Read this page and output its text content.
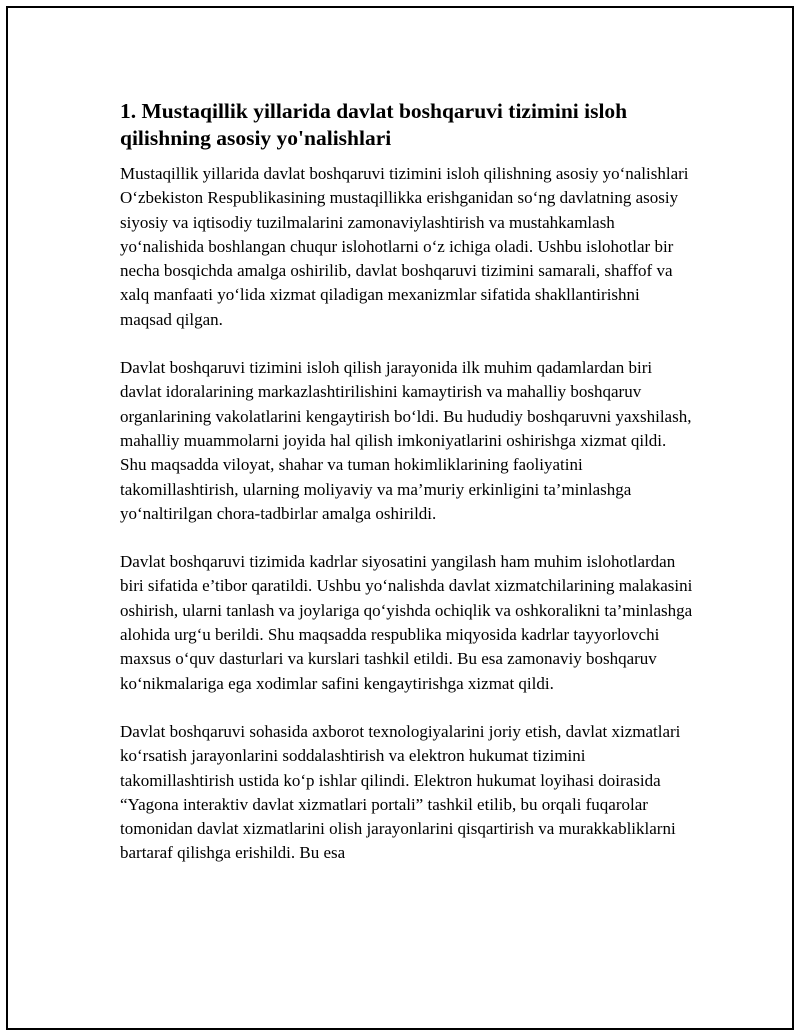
1. Mustaqillik yillarida davlat boshqaruvi tizimini isloh qilishning asosiy yo'nalishlari

Mustaqillik yillarida davlat boshqaruvi tizimini isloh qilishning asosiy yo‘nalishlari O‘zbekiston Respublikasining mustaqillikka erishganidan so‘ng davlatning asosiy siyosiy va iqtisodiy tuzilmalarini zamonaviylashtirish va mustahkamlash yo‘nalishida boshlangan chuqur islohotlarni o‘z ichiga oladi. Ushbu islohotlar bir necha bosqichda amalga oshirilib, davlat boshqaruvi tizimini samarali, shaffof va xalq manfaati yo‘lida xizmat qiladigan mexanizmlar sifatida shakllantirishni maqsad qilgan.

Davlat boshqaruvi tizimini isloh qilish jarayonida ilk muhim qadamlardan biri davlat idoralarining markazlashtirilishini kamaytirish va mahalliy boshqaruv organlarining vakolatlarini kengaytirish bo‘ldi. Bu hududiy boshqaruvni yaxshilash, mahalliy muammolarni joyida hal qilish imkoniyatlarini oshirishga xizmat qildi. Shu maqsadda viloyat, shahar va tuman hokimliklarining faoliyatini takomillashtirish, ularning moliyaviy va ma’muriy erkinligini ta’minlashga yo‘naltirilgan chora-tadbirlar amalga oshirildi.

Davlat boshqaruvi tizimida kadrlar siyosatini yangilash ham muhim islohotlardan biri sifatida e’tibor qaratildi. Ushbu yo‘nalishda davlat xizmatchilarining malakasini oshirish, ularni tanlash va joylariga qo‘yishda ochiqlik va oshkoralikni ta’minlashga alohida urg‘u berildi. Shu maqsadda respublika miqyosida kadrlar tayyorlovchi maxsus o‘quv dasturlari va kurslari tashkil etildi. Bu esa zamonaviy boshqaruv ko‘nikmalariga ega xodimlar safini kengaytirishga xizmat qildi.

Davlat boshqaruvi sohasida axborot texnologiyalarini joriy etish, davlat xizmatlari ko‘rsatish jarayonlarini soddalashtirish va elektron hukumat tizimini takomillashtirish ustida ko‘p ishlar qilindi. Elektron hukumat loyihasi doirasida “Yagona interaktiv davlat xizmatlari portali” tashkil etilib, bu orqali fuqarolar tomonidan davlat xizmatlarini olish jarayonlarini qisqartirish va murakkabliklarni bartaraf qilishga erishildi. Bu esa
